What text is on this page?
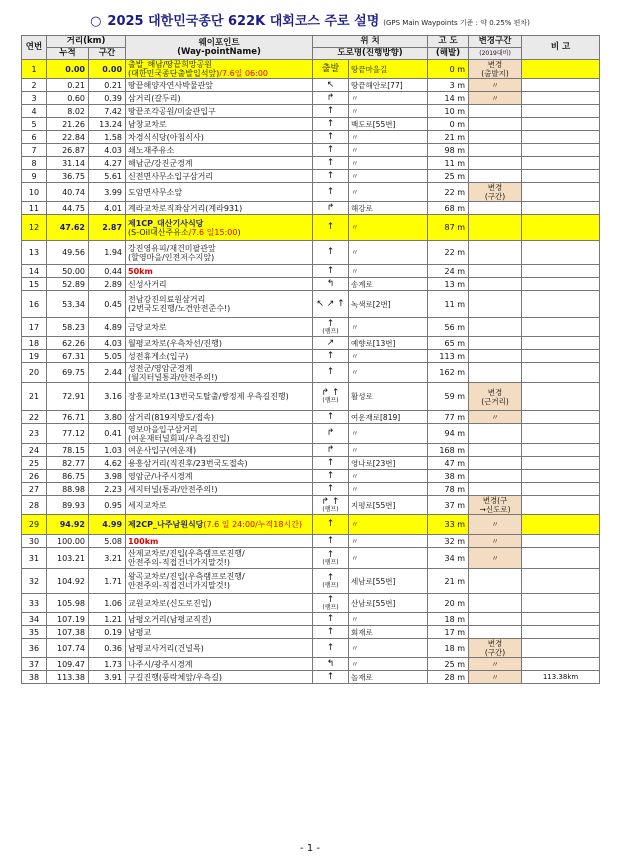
○ 2025 대한민국종단 622K 대회코스 주로 설명 (GPS Main Waypoints 기준 : 약 0.25% 편차)
연번	거리(km)		웨이포인트
(Way-pointName)	위 치		고 도	변경구간	비 고
	누적	구간		도로명(진행방향)		(해발)	(2019대비)	
1	0.00	0.00	출발_해남/땅끝희망공원
(대한민국종단출발입석앞)/7.6일 06:00	출발	땅끝마을길	0 m	변경
(출발지)	
2	0.21	0.21	땅끝해양자연사박물관앞	↖	땅끝해안로[77]	3 m	〃	
3	0.60	0.39	삼거리(갈두리)	↱	〃	14 m	〃	
4	8.02	7.42	땅끝조각공원/미술관입구	↑	〃	10 m		
5	21.26	13.24	남창교차로	↑	백도로[55번]	0 m		
6	22.84	1.58	차경식식당(아침식사)	↑	〃	21 m		
7	26.87	4.03	쇄노재주유소	↑	〃	98 m		
8	31.14	4.27	해남군/강진군경계	↑	〃	11 m		
9	36.75	5.61	신전면사무소입구삼거리	↑	〃	25 m		
10	40.74	3.99	도암면사무소앞	↑	〃	22 m	변경
(구간)	
11	44.75	4.01	계라교차로직좌삼거리(계라931)	↱	해강로	68 m		
12	47.62	2.87	제1CP_대산기사식당
(S-Oil대산주유소/7.6 일15:00)	↑	〃	87 m		
13	49.56	1.94	강진영유피/재건미팔관앞
(할영마을/인전저수지앞)	↑	〃	22 m		
14	50.00	0.44	50km	↑	〃	24 m		
15	52.89	2.89	신성사거리	↰	송계로	13 m		
16	53.34	0.45	전남강진의료원삼거리
(2번국도진행/노견안전준수!)	↖ ↗ ↑	녹색로[2번]	11 m		
17	58.23	4.89	금당교차로	↑
(램프)	〃	56 m		
18	62.26	4.03	월평교차로(우측차선/진행)	↗	예향로[13번]	65 m		
19	67.31	5.05	성전휴게소(입구)	↑	〃	113 m		
20	69.75	2.44	성전군/영암군경계
(월지터널통과/안전주의!)	↑	〃	162 m		
21	72.91	3.16	장흥교차로(13번국도탈출/쌍정제 우측길진행)	↱ ↑
(램프)	활성로	59 m	변경
(근거리)	
22	76.71	3.80	삼거리(819지방도/접속)	↑	여운재로[819]	77 m	〃	
23	77.12	0.41	영보마을입구삼거리
(여운재터널회피/우측길진입)	↱	〃	94 m		
24	78.15	1.03	여운사입구(여운재)	↱	〃	168 m		
25	82.77	4.62	용흥삼거리(직진후/23번국도접속)	↑	영나로[23번]	47 m		
26	86.75	3.98	영암군/나주시경계	↑	〃	38 m		
27	88.98	2.23	세지터널(통과/안전주의!)	↑	〃	78 m		
28	89.93	0.95	세지교차로	↱ ↑
(램프)	지평로[55번]	37 m	변경(구
→신도로)	
29	94.92	4.99	제2CP_나주남원식당(7.6 일 24:00/누적18시간)	↑	〃	33 m	〃	
30	100.00	5.08	100km	↑	〃	32 m	〃	
31	103.21	3.21	산제교차로/진입(우측램프로진행/
안전주의-직접건너가지말것!)	↑
(램프)	〃	34 m	〃	
32	104.92	1.71	왕곡교차로/진입(우측램프로진행/
안전주의-직접건너가지말것!)	↑
(램프)	세남로[55번]	21 m		
33	105.98	1.06	교원교차로(신도로진입)	↑
(램프)	산남로[55번]	20 m		
34	107.19	1.21	남평오거리(남평교직진)	↑	〃	18 m		
35	107.38	0.19	남평교	↑	회재로	17 m		
36	107.74	0.36	남평교사거리(건널목)	↑	〃	18 m	변경
(구간)	
37	109.47	1.73	나주시/광주시경계	↰	〃	25 m	〃	
38	113.38	3.91	구길진행(풍락체앞/우측길)	↑	놀재로	28 m	〃	113.38km
- 1 -
